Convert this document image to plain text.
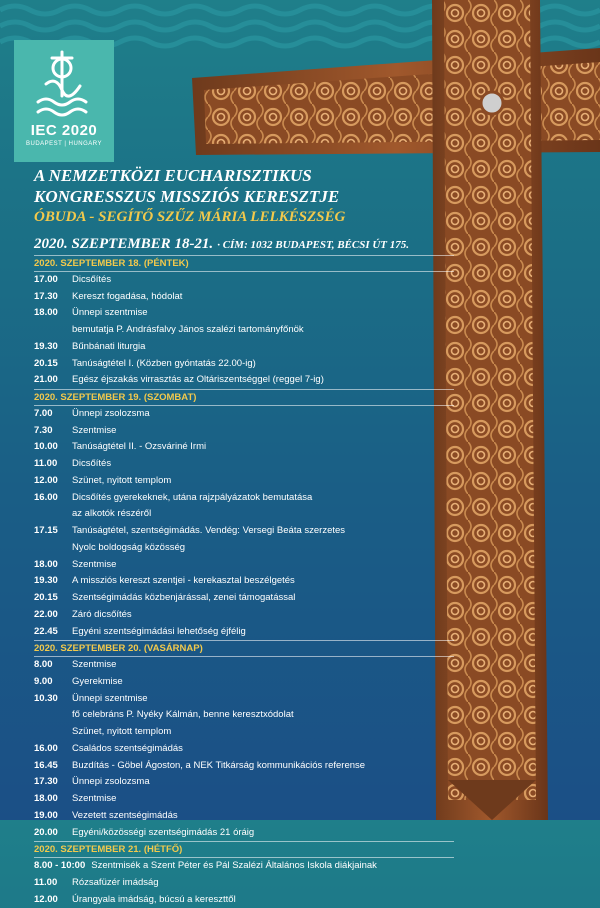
IEC 2020
BUDAPEST | HUNGARY
A NEMZETKÖZI EUCHARISZTIKUS
KONGRESSZUS MISSZIÓS KERESZTJE
ÓBUDA - SEGÍTŐ SZŰZ MÁRIA LELKÉSZSÉG
2020. SZEPTEMBER 18-21. · CÍM: 1032 BUDAPEST, BÉCSI ÚT 175.
2020. SZEPTEMBER 18. (PÉNTEK)
17.00	Dicsőítés
17.30	Kereszt fogadása, hódolat
18.00	Ünnepi szentmise
bemutatja P. Andrásfalvy János szalézi tartományfőnök
19.30	Bűnbánati liturgia
20.15	Tanúságtétel I. (Közben gyóntatás 22.00-ig)
21.00	Egész éjszakás virrasztás az Oltáriszentséggel (reggel 7-ig)
2020. SZEPTEMBER 19. (SZOMBAT)
7.00	Ünnepi zsolozsma
7.30	Szentmise
10.00	Tanúságtétel II. - Ozsváriné Irmi
11.00	Dicsőítés
12.00	Szünet, nyitott templom
16.00	Dicsőítés gyerekeknek, utána rajzpályázatok bemutatása
az alkotók részéről
17.15	Tanúságtétel, szentségimádás. Vendég: Versegi Beáta szerzetes
Nyolc boldogság közösség
18.00	Szentmise
19.30	A missziós kereszt szentjei - kerekasztal beszélgetés
20.15	Szentségimádás közbenjárással, zenei támogatással
22.00	Záró dicsőítés
22.45	Egyéni szentségimádási lehetőség éjfélig
2020. SZEPTEMBER 20. (VASÁRNAP)
8.00	Szentmise
9.00	Gyerekmise
10.30	Ünnepi szentmise
fő celebráns P. Nyéky Kálmán, benne keresztхódolat
Szünet, nyitott templom
16.00	Családos szentségimádás
16.45	Buzdítás - Göbel Ágoston, a NEK Titkárság kommunikációs referense
17.30	Ünnepi zsolozsma
18.00	Szentmise
19.00	Vezetett szentségimádás
20.00	Egyéni/közösségi szentségimádás 21 óráig
2020. SZEPTEMBER 21. (HÉTFŐ)
8.00 - 10:00 Szentmisék a Szent Péter és Pál Szalézi Általános Iskola diákjainak
11.00	Rózsafüzér imádság
12.00	Úrangyala imádság, búcsú a kereszttől
